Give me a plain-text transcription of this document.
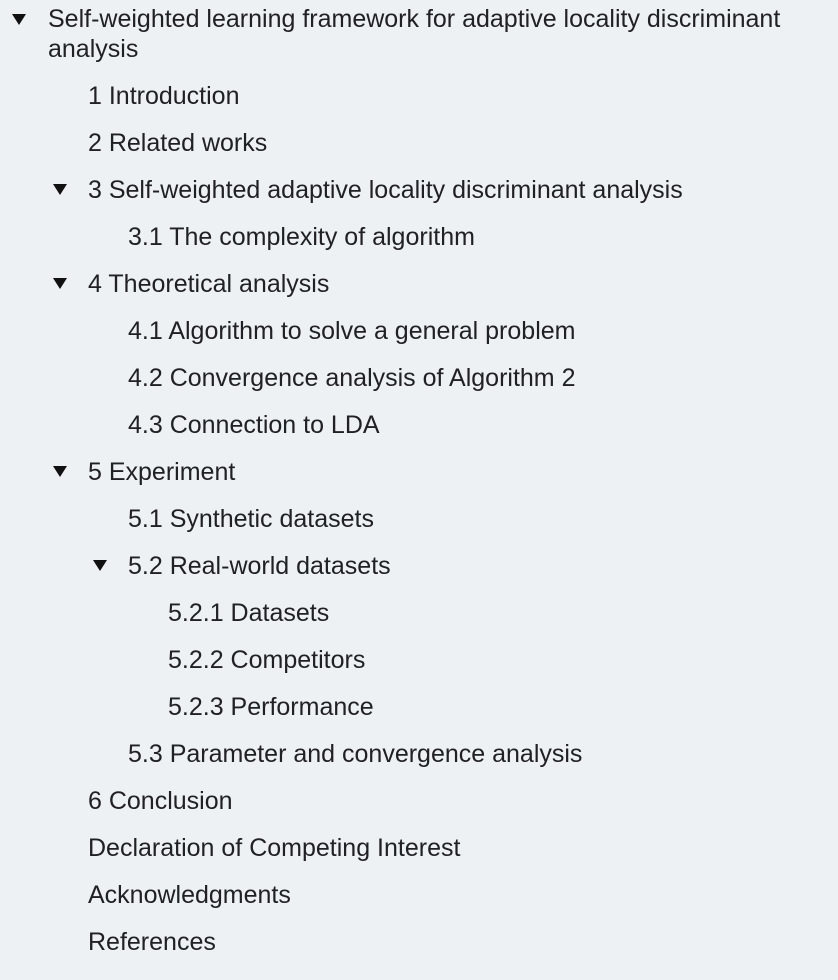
Self-weighted learning framework for adaptive locality discriminant analysis
1 Introduction
2 Related works
3 Self-weighted adaptive locality discriminant analysis
3.1 The complexity of algorithm
4 Theoretical analysis
4.1 Algorithm to solve a general problem
4.2 Convergence analysis of Algorithm 2
4.3 Connection to LDA
5 Experiment
5.1 Synthetic datasets
5.2 Real-world datasets
5.2.1 Datasets
5.2.2 Competitors
5.2.3 Performance
5.3 Parameter and convergence analysis
6 Conclusion
Declaration of Competing Interest
Acknowledgments
References
